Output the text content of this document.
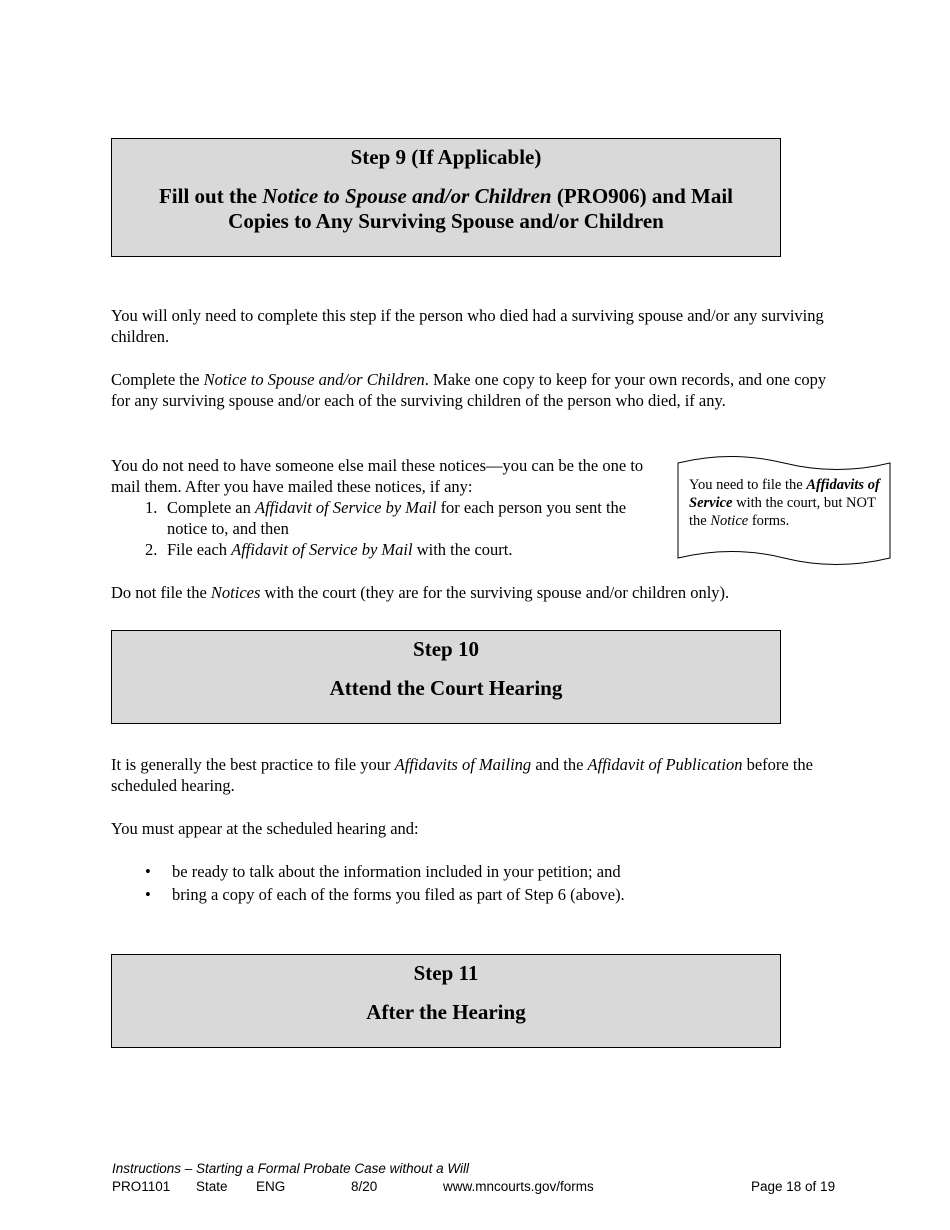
Step 9 (If Applicable)
Fill out the Notice to Spouse and/or Children (PRO906) and Mail
Copies to Any Surviving Spouse and/or Children
You will only need to complete this step if the person who died had a surviving spouse and/or any surviving children.
Complete the Notice to Spouse and/or Children. Make one copy to keep for your own records, and one copy for any surviving spouse and/or each of the surviving children of the person who died, if any.
You do not need to have someone else mail these notices—you can be the one to mail them. After you have mailed these notices, if any:
1. Complete an Affidavit of Service by Mail for each person you sent the notice to, and then
2. File each Affidavit of Service by Mail with the court.
You need to file the Affidavits of Service with the court, but NOT the Notice forms.
Do not file the Notices with the court (they are for the surviving spouse and/or children only).
Step 10
Attend the Court Hearing
It is generally the best practice to file your Affidavits of Mailing and the Affidavit of Publication before the scheduled hearing.
You must appear at the scheduled hearing and:
•	be ready to talk about the information included in your petition; and
•	bring a copy of each of the forms you filed as part of Step 6 (above).
Step 11
After the Hearing
Instructions – Starting a Formal Probate Case without a Will
PRO1101 State ENG	8/20	www.mncourts.gov/forms	Page 18 of 19
